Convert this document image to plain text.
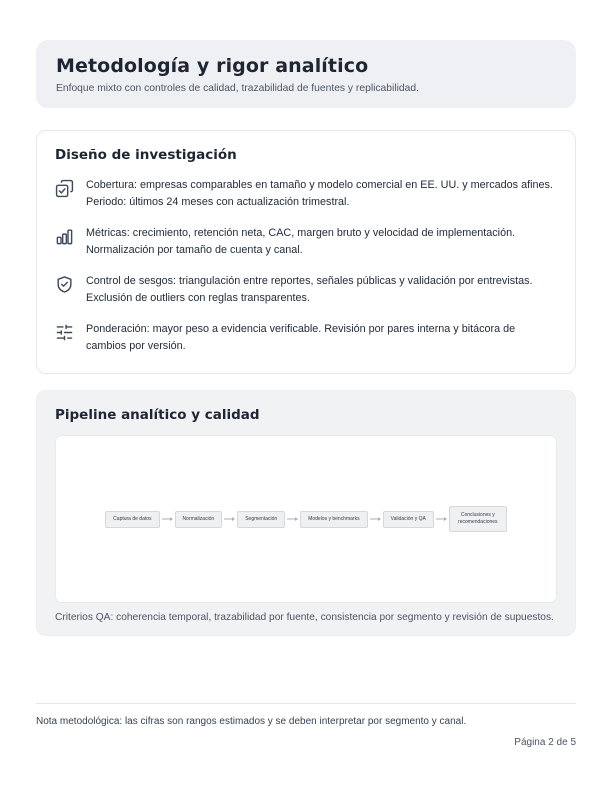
Metodología y rigor analítico
Enfoque mixto con controles de calidad, trazabilidad de fuentes y replicabilidad.
Diseño de investigación

Cobertura: empresas comparables en tamaño y modelo comercial en EE. UU. y mercados afines. Periodo: últimos 24 meses con actualización trimestral.

Métricas: crecimiento, retención neta, CAC, margen bruto y velocidad de implementación. Normalización por tamaño de cuenta y canal.

Control de sesgos: triangulación entre reportes, señales públicas y validación por entrevistas. Exclusión de outliers con reglas transparentes.

Ponderación: mayor peso a evidencia verificable. Revisión por pares interna y bitácora de cambios por versión.

Pipeline analítico y calidad
Captura de datos	Normalización	Segmentación	Modelos y benchmarks	Validación y QA
Conclusiones y recomendaciones
Criterios QA: coherencia temporal, trazabilidad por fuente, consistencia por segmento y revisión de supuestos.
Nota metodológica: las cifras son rangos estimados y se deben interpretar por segmento y canal.
Página 2 de 5
